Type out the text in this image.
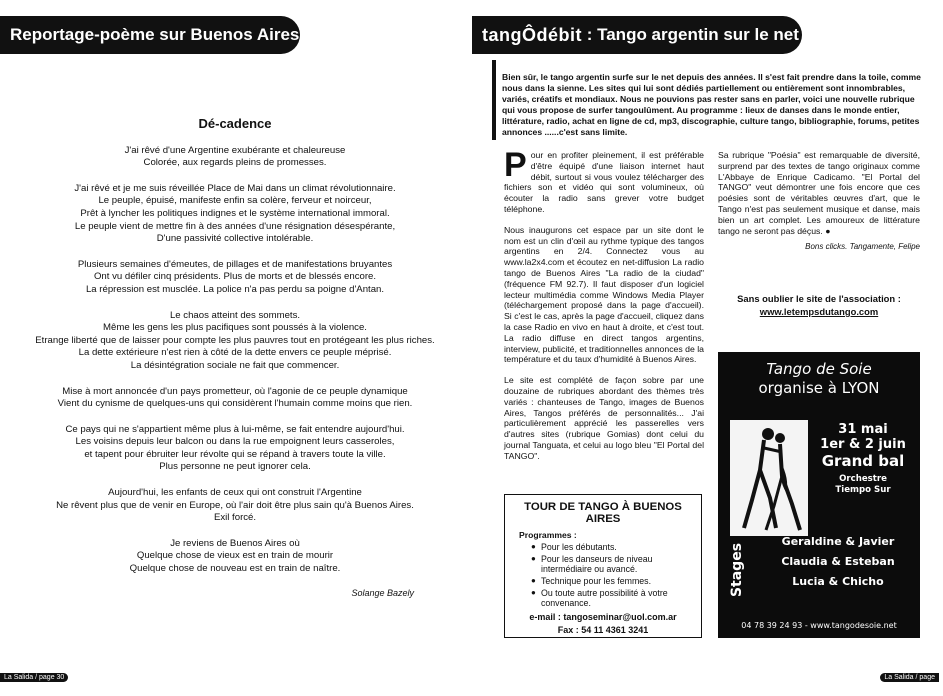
Reportage-poème sur Buenos Aires
Dé-cadence
J'ai rêvé d'une Argentine exubérante et chaleureuse
Colorée, aux regards pleins de promesses.
J'ai rêvé et je me suis réveillée Place de Mai dans un climat révolutionnaire.
Le peuple, épuisé, manifeste enfin sa colère, ferveur et noirceur,
Prêt à lyncher les politiques indignes et le système international immoral.
Le peuple vient de mettre fin à des années d'une résignation désespérante,
D'une passivité collective intolérable.
Plusieurs semaines d'émeutes, de pillages et de manifestations bruyantes
Ont vu défiler cinq présidents. Plus de morts et de blessés encore.
La répression est musclée. La police n'a pas perdu sa poigne d'Antan.
Le chaos atteint des sommets.
Même les gens les plus pacifiques sont poussés à la violence.
Etrange liberté que de laisser pour compte les plus pauvres tout en protégeant les plus riches.
La dette extérieure n'est rien à côté de la dette envers ce peuple méprisé.
La désintégration sociale ne fait que commencer.
Mise à mort annoncée d'un pays prometteur, où l'agonie de ce peuple dynamique
Vient du cynisme de quelques-uns qui considèrent l'humain comme moins que rien.
Ce pays qui ne s'appartient même plus à lui-même, se fait entendre aujourd'hui.
Les voisins depuis leur balcon ou dans la rue empoignent leurs casseroles,
et tapent pour ébruiter leur révolte qui se répand à travers toute la ville.
Plus personne ne peut ignorer cela.
Aujourd'hui, les enfants de ceux qui ont construit l'Argentine
Ne rêvent plus que de venir en Europe, où l'air doit être plus sain qu'à Buenos Aires.
Exil forcé.
Je reviens de Buenos Aires où
Quelque chose de vieux est en train de mourir
Quelque chose de nouveau est en train de naître.
Solange Bazely
La Salida / page 30
tangÔdébit : Tango argentin sur le net
Bien sûr, le tango argentin surfe sur le net depuis des années. Il s'est fait prendre dans la toile, comme nous dans la sienne. Les sites qui lui sont dédiés partiellement ou entièrement sont innombrables, variés, créatifs et mondiaux. Nous ne pouvions pas rester sans en parler, voici une nouvelle rubrique qui vous propose de surfer tangoulûment. Au programme : lieux de danses dans le monde entier, littérature, radio, achat en ligne de cd, mp3, discographie, culture tango, bibliographie, forums, petites annonces ......c'est sans limite.

P our en profiter pleinement, il est préférable d'être équipé d'une liaison internet haut débit, surtout si vous voulez télécharger des fichiers son et vidéo qui sont volumineux, où écouter la radio sans grever votre budget téléphone.

Nous inaugurons cet espace par un site dont le nom est un clin d'œil au rythme typique des tangos argentins en 2/4. Connectez vous au www.la2x4.com et écoutez en net-diffusion La radio tango de Buenos Aires "La radio de la ciudad" (fréquence FM 92.7). Il faut disposer d'un logiciel lecteur multimédia comme Windows Media Player (téléchargement proposé dans la page d'accueil). Si c'est le cas, après la page d'accueil, cliquez dans la case Radio en vivo en haut à droite, et c'est tout. La radio diffuse en direct tangos argentins, interview, publicité, et traditionnelles annonces de la température et du taux d'humidité à Buenos Aires.

Le site est complété de façon sobre par une douzaine de rubriques abordant des thèmes très variés : chanteuses de Tango, images de Buenos Aires, Tangos préférés de personnalités... J'ai particulièrement apprécié les passerelles vers d'autres sites (rubrique Gomias) dont celui du journal Tanguata, et celui au logo bleu "El Portal del TANGO".

Sa rubrique "Poésia" est remarquable de diversité, surprend par des textes de tango originaux comme L'Abbaye de Enrique Cadicamo. "El Portal del TANGO" veut démontrer une fois encore que ces poésies sont de véritables œuvres d'art, que le Tango n'est pas seulement musique et danse, mais bien un art complet. Les amoureux de littérature tango ne seront pas déçus. ●

Bons clicks. Tangamente, Felipe
Sans oublier le site de l'association :
www.letempsdutango.com
TOUR DE TANGO À BUENOS AIRES
Programmes :
● Pour les débutants.
● Pour les danseurs de niveau intermédiaire ou avancé.
● Technique pour les femmes.
● Ou toute autre possibilité à votre convenance.
e-mail : tangoseminar@uol.com.ar
Fax : 54 11 4361 3241
Tango de Soie
organise à LYON
31 mai
1er & 2 juin
Grand bal
Orchestre
Tiempo Sur
Stages
Geraldine & Javier
Claudia & Esteban
Lucia & Chicho
04 78 39 24 93 - www.tangodesoie.net
La Salida / page
